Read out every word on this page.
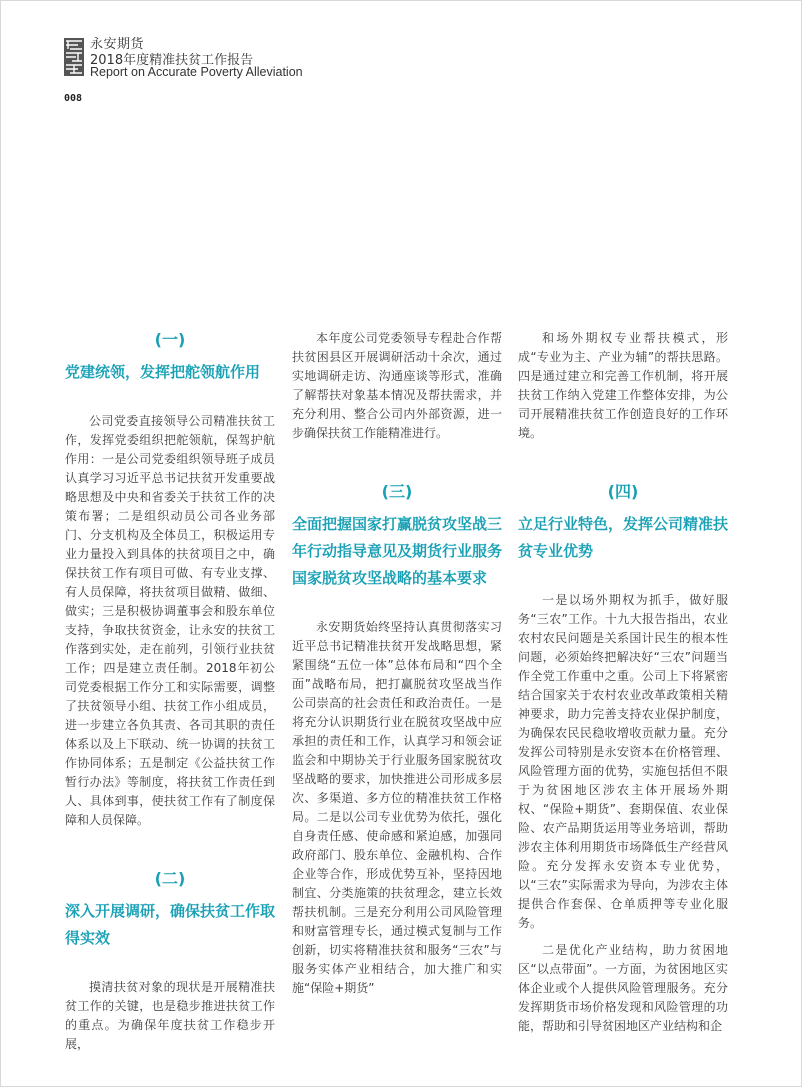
永安期货
2018年度精准扶贫工作报告
Report on Accurate Poverty Alleviation
008
(一)
党建统领，发挥把舵领航作用

公司党委直接领导公司精准扶贫工作，发挥党委组织把舵领航，保驾护航作用：一是公司党委组织领导班子成员认真学习习近平总书记扶贫开发重要战略思想及中央和省委关于扶贫工作的决策布署；二是组织动员公司各业务部门、分支机构及全体员工，积极运用专业力量投入到具体的扶贫项目之中，确保扶贫工作有项目可做、有专业支撑、有人员保障，将扶贫项目做精、做细、做实；三是积极协调董事会和股东单位支持，争取扶贫资金，让永安的扶贫工作落到实处，走在前列，引领行业扶贫工作；四是建立责任制。2018年初公司党委根据工作分工和实际需要，调整了扶贫领导小组、扶贫工作小组成员，进一步建立各负其责、各司其职的责任体系以及上下联动、统一协调的扶贫工作协同体系；五是制定《公益扶贫工作暂行办法》等制度，将扶贫工作责任到人、具体到事，使扶贫工作有了制度保障和人员保障。

(二)
深入开展调研，确保扶贫工作取得实效

摸清扶贫对象的现状是开展精准扶贫工作的关键，也是稳步推进扶贫工作的重点。为确保年度扶贫工作稳步开展，

本年度公司党委领导专程赴合作帮扶贫困县区开展调研活动十余次，通过实地调研走访、沟通座谈等形式，准确了解帮扶对象基本情况及帮扶需求，并充分利用、整合公司内外部资源，进一步确保扶贫工作能精准进行。

(三)
全面把握国家打赢脱贫攻坚战三年行动指导意见及期货行业服务国家脱贫攻坚战略的基本要求

永安期货始终坚持认真贯彻落实习近平总书记精准扶贫开发战略思想，紧紧围绕“五位一体”总体布局和“四个全面”战略布局，把打赢脱贫攻坚战当作公司崇高的社会责任和政治责任。一是将充分认识期货行业在脱贫攻坚战中应承担的责任和工作，认真学习和领会证监会和中期协关于行业服务国家脱贫攻坚战略的要求，加快推进公司形成多层次、多渠道、多方位的精准扶贫工作格局。二是以公司专业优势为依托，强化自身责任感、使命感和紧迫感，加强同政府部门、股东单位、金融机构、合作企业等合作，形成优势互补，坚持因地制宜、分类施策的扶贫理念，建立长效帮扶机制。三是充分利用公司风险管理和财富管理专长，通过模式复制与工作创新，切实将精准扶贫和服务“三农”与服务实体产业相结合，加大推广和实施“保险+期货”

和场外期权专业帮扶模式，形成“专业为主、产业为辅”的帮扶思路。四是通过建立和完善工作机制，将开展扶贫工作纳入党建工作整体安排，为公司开展精准扶贫工作创造良好的工作环境。

(四)
立足行业特色，发挥公司精准扶贫专业优势

一是以场外期权为抓手，做好服务“三农”工作。十九大报告指出，农业农村农民问题是关系国计民生的根本性问题，必须始终把解决好“三农”问题当作全党工作重中之重。公司上下将紧密结合国家关于农村农业改革政策相关精神要求，助力完善支持农业保护制度，为确保农民民稳收增收贡献力量。充分发挥公司特别是永安资本在价格管理、风险管理方面的优势，实施包括但不限于为贫困地区涉农主体开展场外期权、“保险+期货”、套期保值、农业保险、农产品期货运用等业务培训，帮助涉农主体利用期货市场降低生产经营风险。充分发挥永安资本专业优势，以“三农”实际需求为导向，为涉农主体提供合作套保、仓单质押等专业化服务。

二是优化产业结构，助力贫困地区“以点带面”。一方面，为贫困地区实体企业或个人提供风险管理服务。充分发挥期货市场价格发现和风险管理的功能，帮助和引导贫困地区产业结构和企
